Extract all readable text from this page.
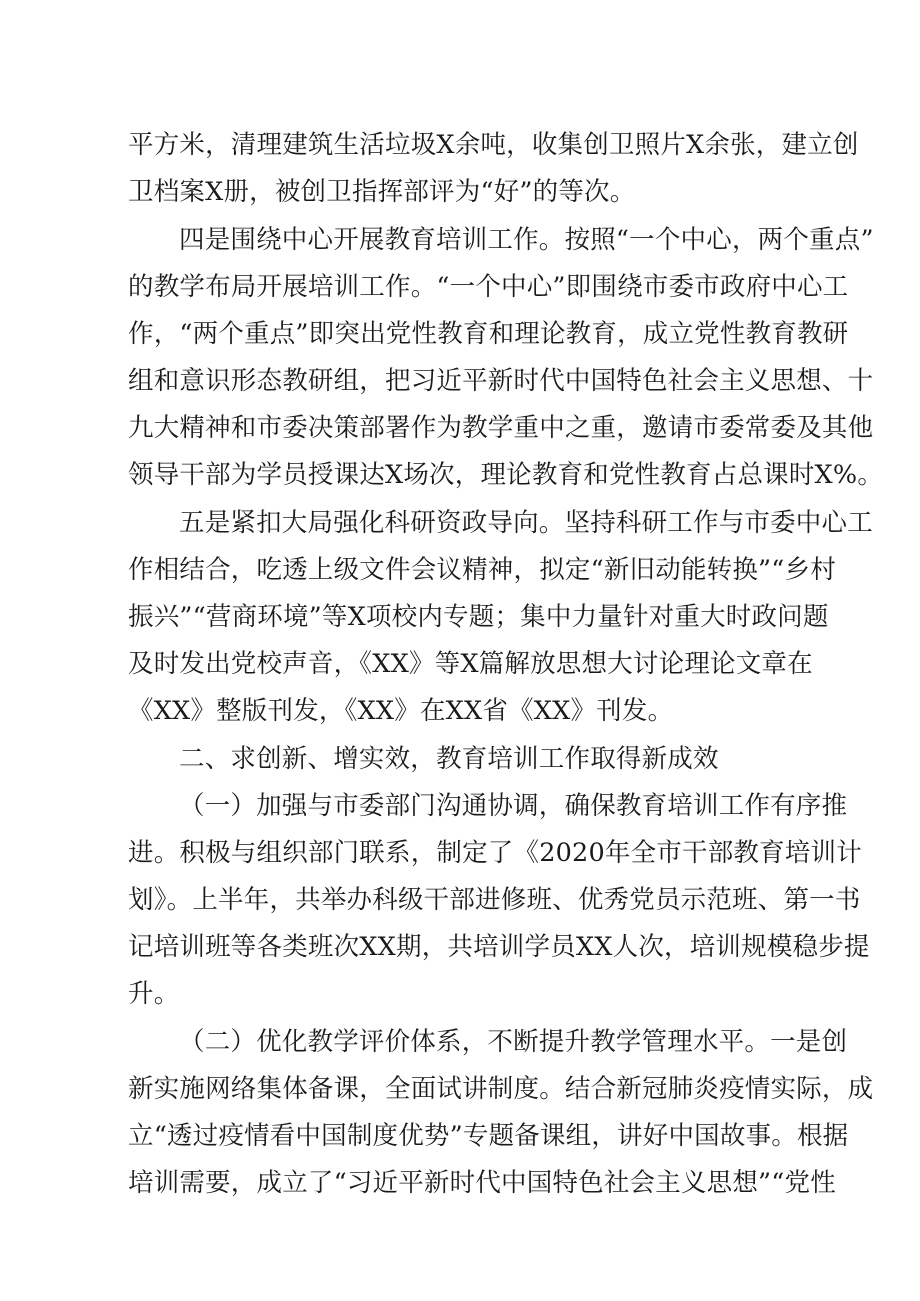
平方米，清理建筑生活垃圾X余吨，收集创卫照片X余张，建立创
卫档案X册，被创卫指挥部评为“好”的等次。
四是围绕中心开展教育培训工作。按照“一个中心，两个重点”
的教学布局开展培训工作。“一个中心”即围绕市委市政府中心工
作，“两个重点”即突出党性教育和理论教育，成立党性教育教研
组和意识形态教研组，把习近平新时代中国特色社会主义思想、十
九大精神和市委决策部署作为教学重中之重，邀请市委常委及其他
领导干部为学员授课达X场次，理论教育和党性教育占总课时X%。
五是紧扣大局强化科研资政导向。坚持科研工作与市委中心工
作相结合，吃透上级文件会议精神，拟定“新旧动能转换”“乡村
振兴”“营商环境”等X项校内专题；集中力量针对重大时政问题
及时发出党校声音，《XX》等X篇解放思想大讨论理论文章在
《XX》整版刊发，《XX》在XX省《XX》刊发。
二、求创新、增实效，教育培训工作取得新成效
（一）加强与市委部门沟通协调，确保教育培训工作有序推
进。积极与组织部门联系，制定了《2020年全市干部教育培训计
划》。上半年，共举办科级干部进修班、优秀党员示范班、第一书
记培训班等各类班次XX期，共培训学员XX人次，培训规模稳步提
升。
（二）优化教学评价体系，不断提升教学管理水平。一是创
新实施网络集体备课，全面试讲制度。结合新冠肺炎疫情实际，成
立“透过疫情看中国制度优势”专题备课组，讲好中国故事。根据
培训需要，成立了“习近平新时代中国特色社会主义思想”“党性
